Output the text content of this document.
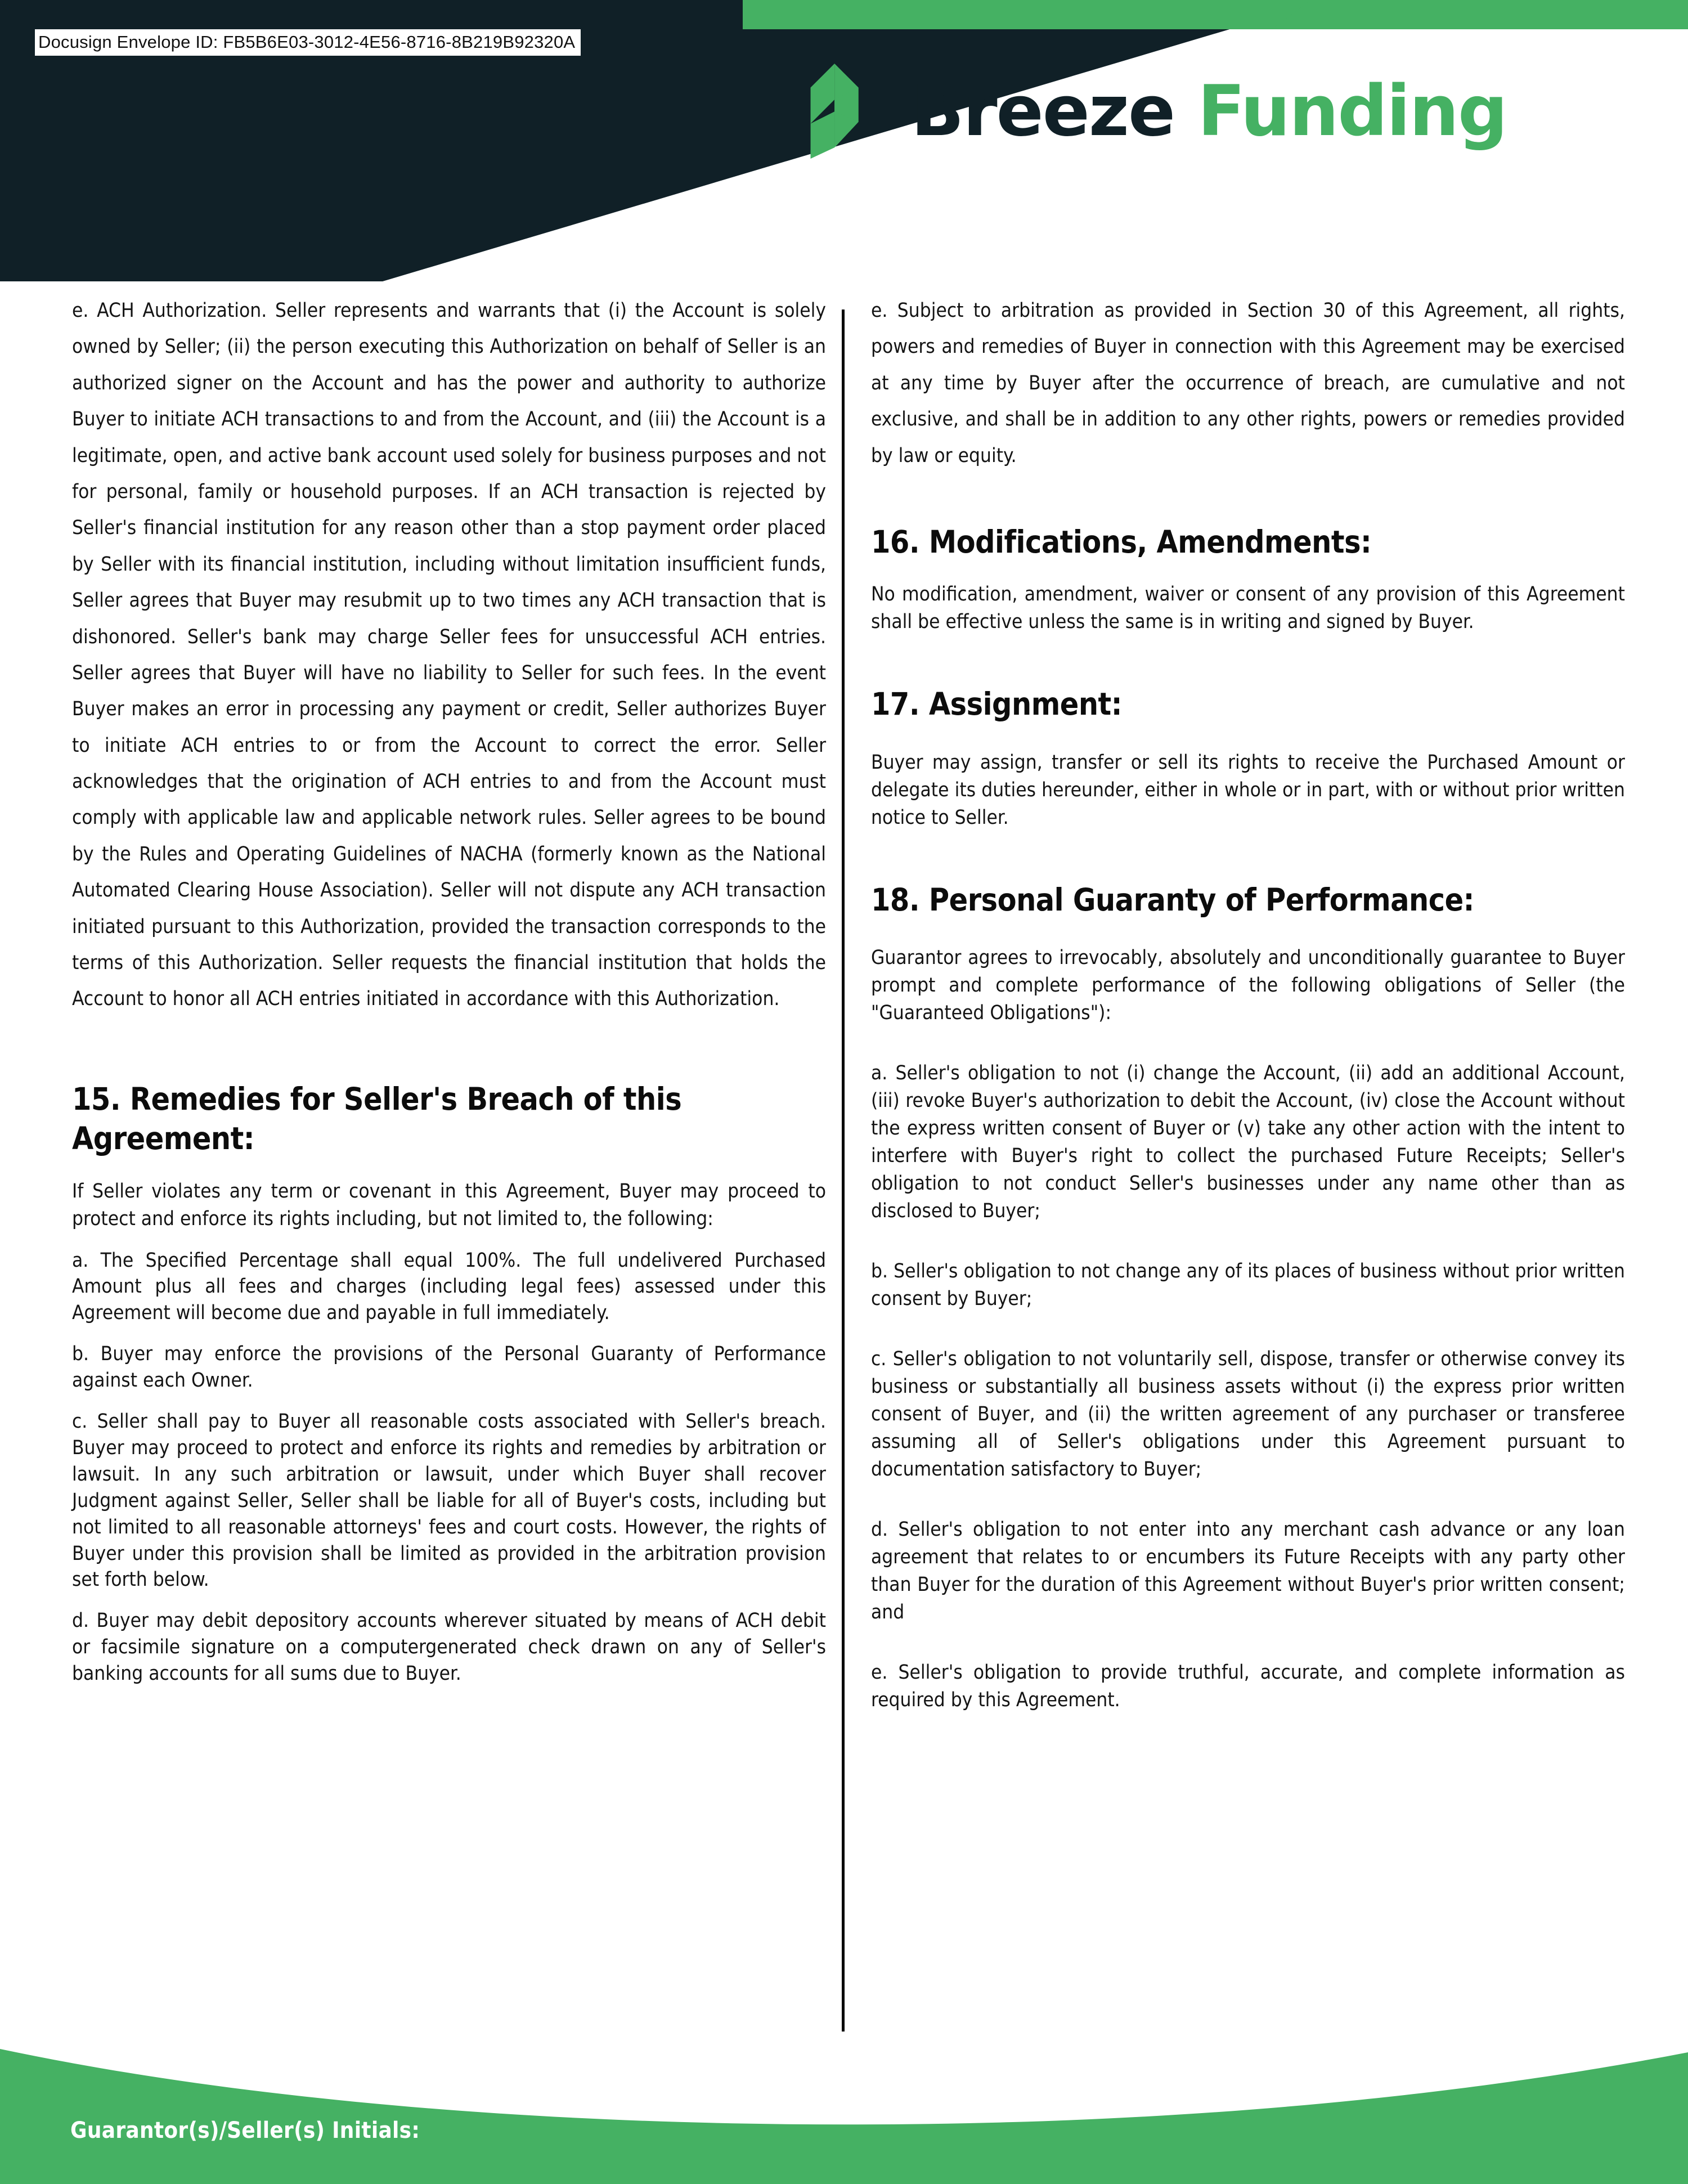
Docusign Envelope ID: FB5B6E03-3012-4E56-8716-8B219B92320A
Breeze Funding

e. ACH Authorization. Seller represents and warrants that (i) the Account is solely owned by Seller; (ii) the person executing this Authorization on behalf of Seller is an authorized signer on the Account and has the power and authority to authorize Buyer to initiate ACH transactions to and from the Account, and (iii) the Account is a legitimate, open, and active bank account used solely for business purposes and not for personal, family or household purposes. If an ACH transaction is rejected by Seller's financial institution for any reason other than a stop payment order placed by Seller with its financial institution, including without limitation insufficient funds, Seller agrees that Buyer may resubmit up to two times any ACH transaction that is dishonored. Seller's bank may charge Seller fees for unsuccessful ACH entries. Seller agrees that Buyer will have no liability to Seller for such fees. In the event Buyer makes an error in processing any payment or credit, Seller authorizes Buyer to initiate ACH entries to or from the Account to correct the error. Seller acknowledges that the origination of ACH entries to and from the Account must comply with applicable law and applicable network rules. Seller agrees to be bound by the Rules and Operating Guidelines of NACHA (formerly known as the National Automated Clearing House Association). Seller will not dispute any ACH transaction initiated pursuant to this Authorization, provided the transaction corresponds to the terms of this Authorization. Seller requests the financial institution that holds the Account to honor all ACH entries initiated in accordance with this Authorization.

15. Remedies for Seller's Breach of this Agreement:

If Seller violates any term or covenant in this Agreement, Buyer may proceed to protect and enforce its rights including, but not limited to, the following:

a. The Specified Percentage shall equal 100%. The full undelivered Purchased Amount plus all fees and charges (including legal fees) assessed under this Agreement will become due and payable in full immediately.

b. Buyer may enforce the provisions of the Personal Guaranty of Performance against each Owner.

c. Seller shall pay to Buyer all reasonable costs associated with Seller's breach. Buyer may proceed to protect and enforce its rights and remedies by arbitration or lawsuit. In any such arbitration or lawsuit, under which Buyer shall recover Judgment against Seller, Seller shall be liable for all of Buyer's costs, including but not limited to all reasonable attorneys' fees and court costs. However, the rights of Buyer under this provision shall be limited as provided in the arbitration provision set forth below.

d. Buyer may debit depository accounts wherever situated by means of ACH debit or facsimile signature on a computergenerated check drawn on any of Seller's banking accounts for all sums due to Buyer.

e. Subject to arbitration as provided in Section 30 of this Agreement, all rights, powers and remedies of Buyer in connection with this Agreement may be exercised at any time by Buyer after the occurrence of breach, are cumulative and not exclusive, and shall be in addition to any other rights, powers or remedies provided by law or equity.

16. Modifications, Amendments:

No modification, amendment, waiver or consent of any provision of this Agreement shall be effective unless the same is in writing and signed by Buyer.

17. Assignment:

Buyer may assign, transfer or sell its rights to receive the Purchased Amount or delegate its duties hereunder, either in whole or in part, with or without prior written notice to Seller.

18. Personal Guaranty of Performance:

Guarantor agrees to irrevocably, absolutely and unconditionally guarantee to Buyer prompt and complete performance of the following obligations of Seller (the "Guaranteed Obligations"):

a. Seller's obligation to not (i) change the Account, (ii) add an additional Account, (iii) revoke Buyer's authorization to debit the Account, (iv) close the Account without the express written consent of Buyer or (v) take any other action with the intent to interfere with Buyer's right to collect the purchased Future Receipts; Seller's obligation to not conduct Seller's businesses under any name other than as disclosed to Buyer;

b. Seller's obligation to not change any of its places of business without prior written consent by Buyer;

c. Seller's obligation to not voluntarily sell, dispose, transfer or otherwise convey its business or substantially all business assets without (i) the express prior written consent of Buyer, and (ii) the written agreement of any purchaser or transferee assuming all of Seller's obligations under this Agreement pursuant to documentation satisfactory to Buyer;

d. Seller's obligation to not enter into any merchant cash advance or any loan agreement that relates to or encumbers its Future Receipts with any party other than Buyer for the duration of this Agreement without Buyer's prior written consent; and

e. Seller's obligation to provide truthful, accurate, and complete information as required by this Agreement.

Guarantor(s)/Seller(s) Initials:
